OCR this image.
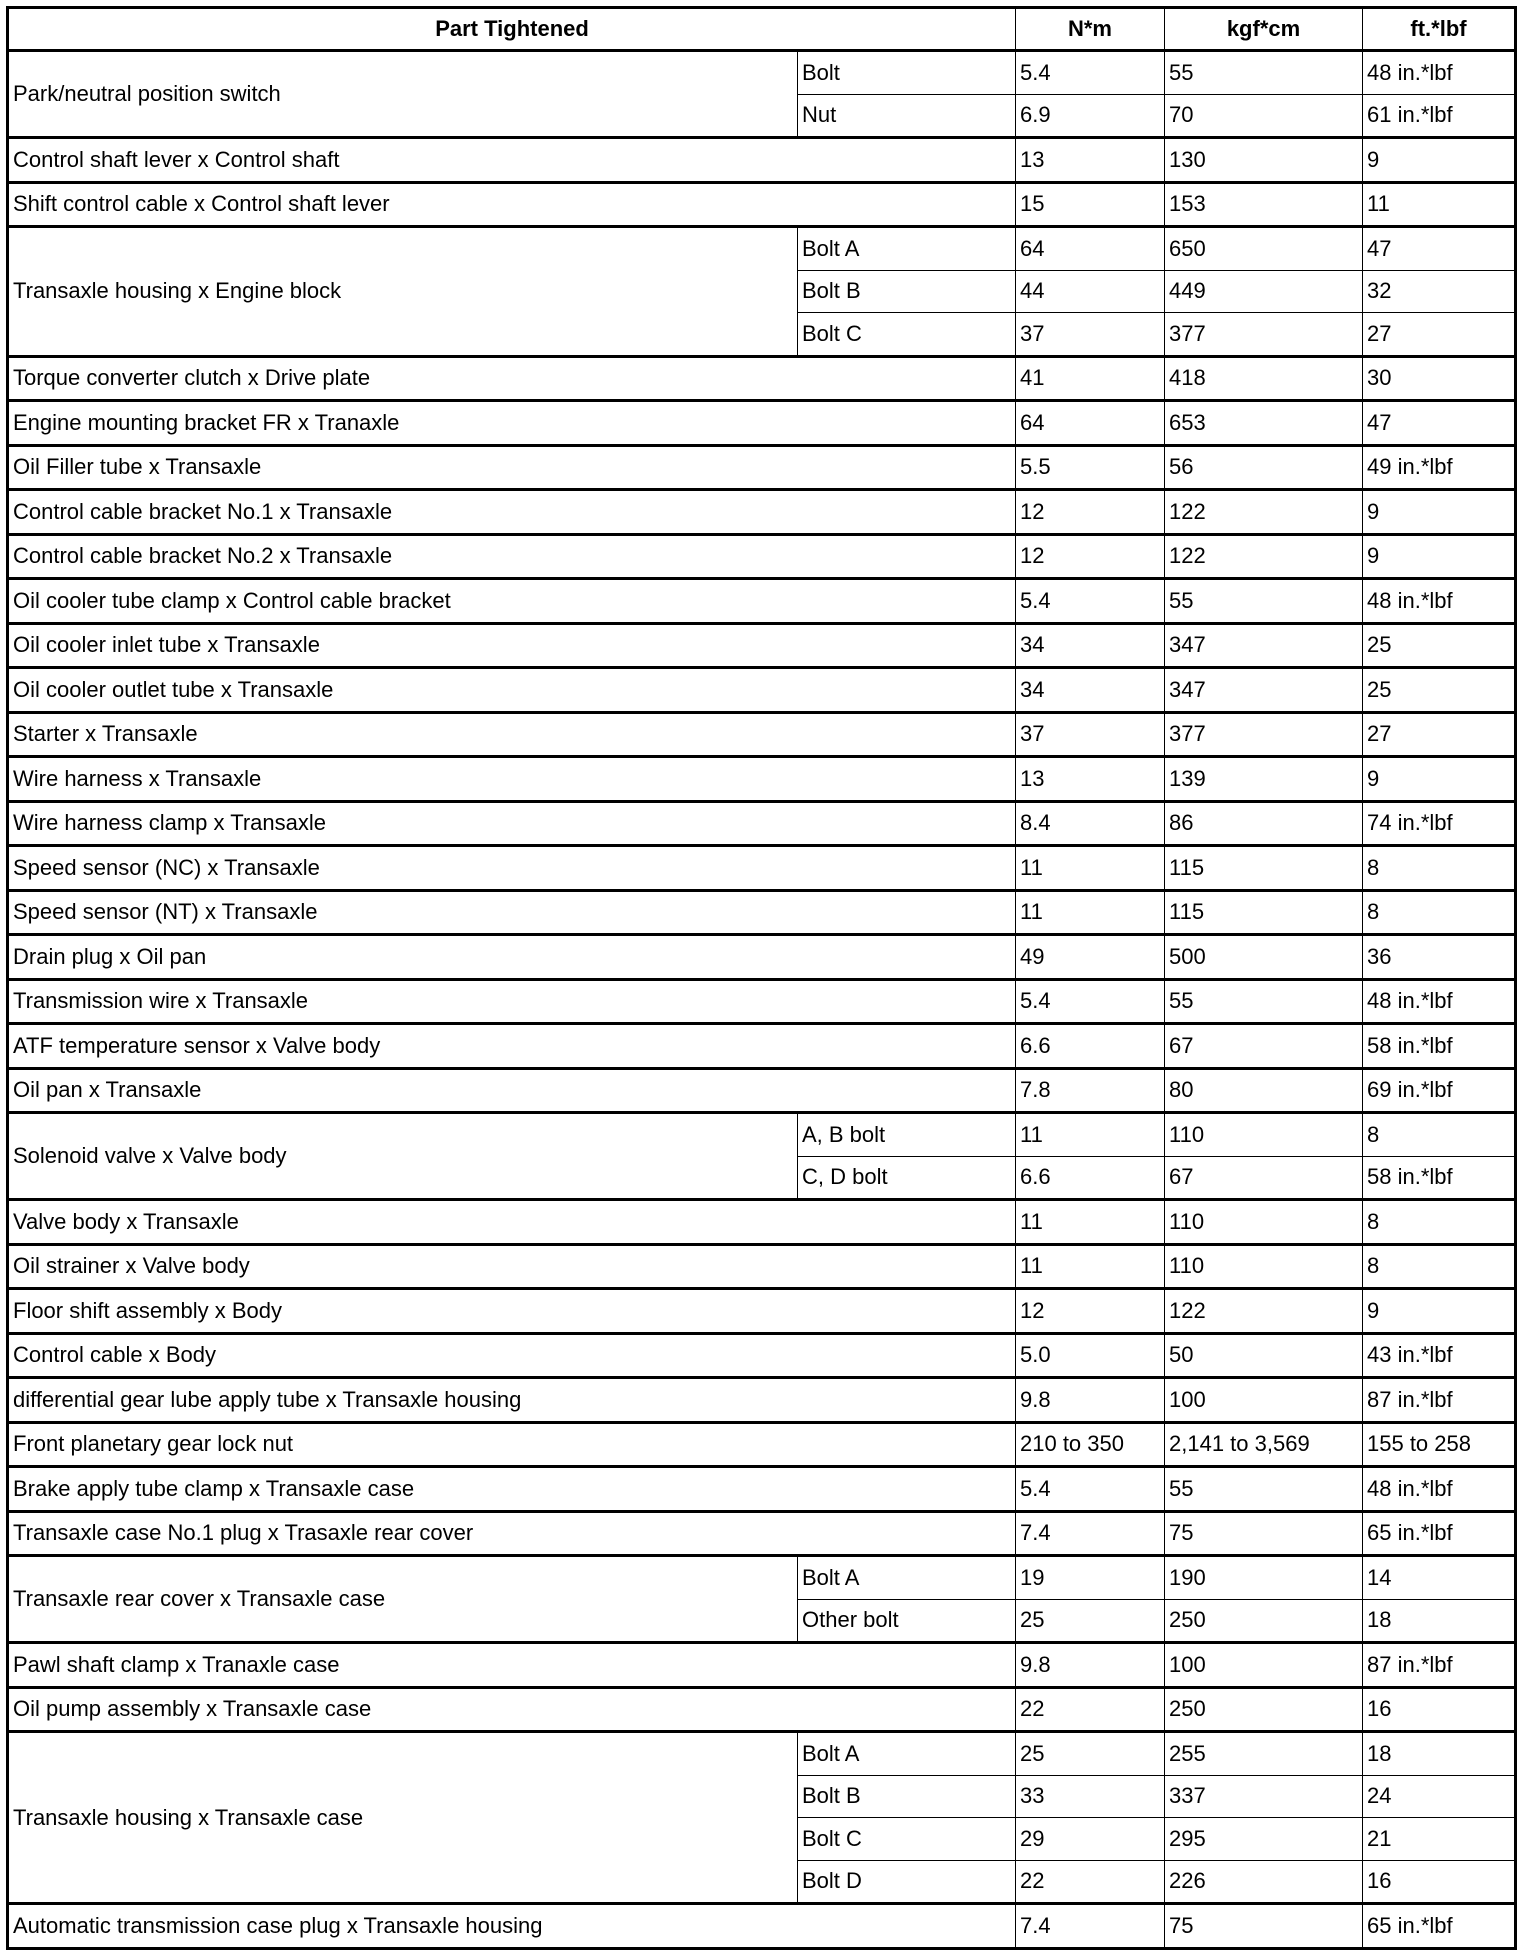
Part Tightened		N*m	kgf*cm	ft.*lbf
Park/neutral position switch	Bolt	5.4	55	48 in.*lbf
	Nut	6.9	70	61 in.*lbf
Control shaft lever x Control shaft		13	130	9
Shift control cable x Control shaft lever		15	153	11
Transaxle housing x Engine block	Bolt A	64	650	47
	Bolt B	44	449	32
	Bolt C	37	377	27
Torque converter clutch x Drive plate		41	418	30
Engine mounting bracket FR x Tranaxle		64	653	47
Oil Filler tube x Transaxle		5.5	56	49 in.*lbf
Control cable bracket No.1 x Transaxle		12	122	9
Control cable bracket No.2 x Transaxle		12	122	9
Oil cooler tube clamp x Control cable bracket		5.4	55	48 in.*lbf
Oil cooler inlet tube x Transaxle		34	347	25
Oil cooler outlet tube x Transaxle		34	347	25
Starter x Transaxle		37	377	27
Wire harness x Transaxle		13	139	9
Wire harness clamp x Transaxle		8.4	86	74 in.*lbf
Speed sensor (NC) x Transaxle		11	115	8
Speed sensor (NT) x Transaxle		11	115	8
Drain plug x Oil pan		49	500	36
Transmission wire x Transaxle		5.4	55	48 in.*lbf
ATF temperature sensor x Valve body		6.6	67	58 in.*lbf
Oil pan x Transaxle		7.8	80	69 in.*lbf
Solenoid valve x Valve body	A, B bolt	11	110	8
	C, D bolt	6.6	67	58 in.*lbf
Valve body x Transaxle		11	110	8
Oil strainer x Valve body		11	110	8
Floor shift assembly x Body		12	122	9
Control cable x Body		5.0	50	43 in.*lbf
differential gear lube apply tube x Transaxle housing		9.8	100	87 in.*lbf
Front planetary gear lock nut		210 to 350	2,141 to 3,569	155 to 258
Brake apply tube clamp x Transaxle case		5.4	55	48 in.*lbf
Transaxle case No.1 plug x Trasaxle rear cover		7.4	75	65 in.*lbf
Transaxle rear cover x Transaxle case	Bolt A	19	190	14
	Other bolt	25	250	18
Pawl shaft clamp x Tranaxle case		9.8	100	87 in.*lbf
Oil pump assembly x Transaxle case		22	250	16
Transaxle housing x Transaxle case	Bolt A	25	255	18
	Bolt B	33	337	24
	Bolt C	29	295	21
	Bolt D	22	226	16
Automatic transmission case plug x Transaxle housing		7.4	75	65 in.*lbf
